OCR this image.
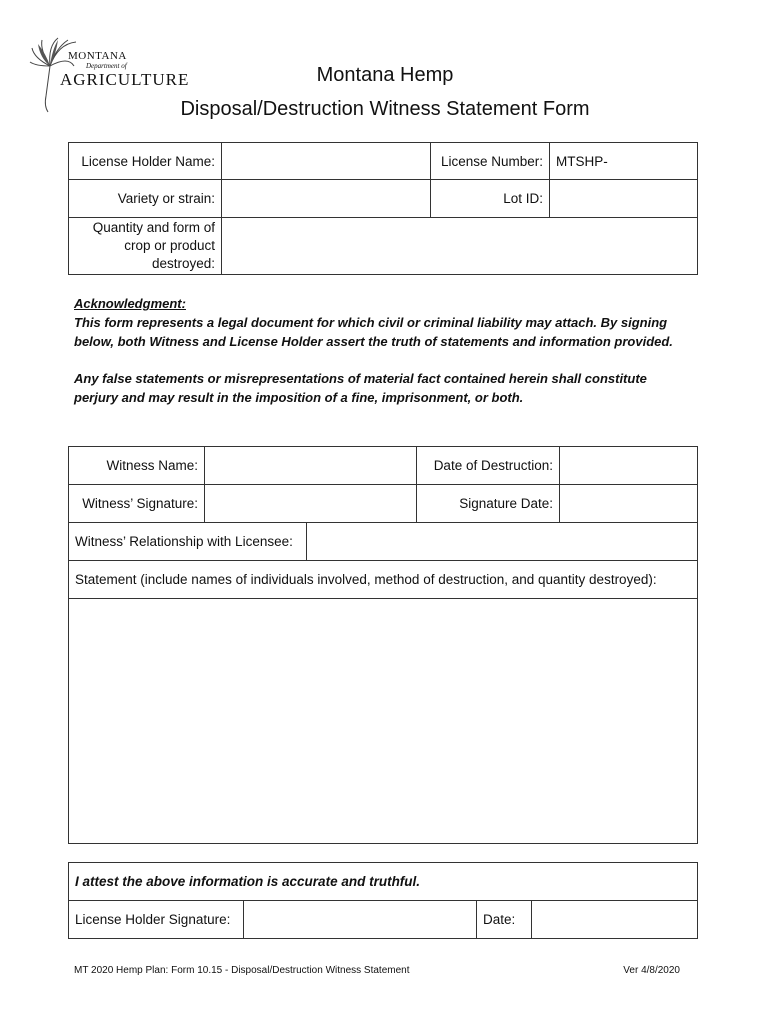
MONTANA
Department of
AGRICULTURE	Montana Hemp
Disposal/Destruction Witness Statement Form
License Holder Name:		License Number:	MTSHP-
Variety or strain:		Lot ID:	

Quantity and form of
crop or product
destroyed:			

Acknowledgment:

This form represents a legal document for which civil or criminal liability may attach. By signing below, both Witness and License Holder assert the truth of statements and information provided.

Any false statements or misrepresentations of material fact contained herein shall constitute perjury and may result in the imposition of a fine, imprisonment, or both.

Witness Name:			Date of Destruction:	
Witness’ Signature:			Signature Date:	
Witness’ Relationship with Licensee:				
Statement (include names of individuals involved, method of destruction, and quantity destroyed):				

I attest the above information is accurate and truthful.
License Holder Signature:		Date:	
MT 2020 Hemp Plan: Form 10.15 - Disposal/Destruction Witness Statement	Ver 4/8/2020
